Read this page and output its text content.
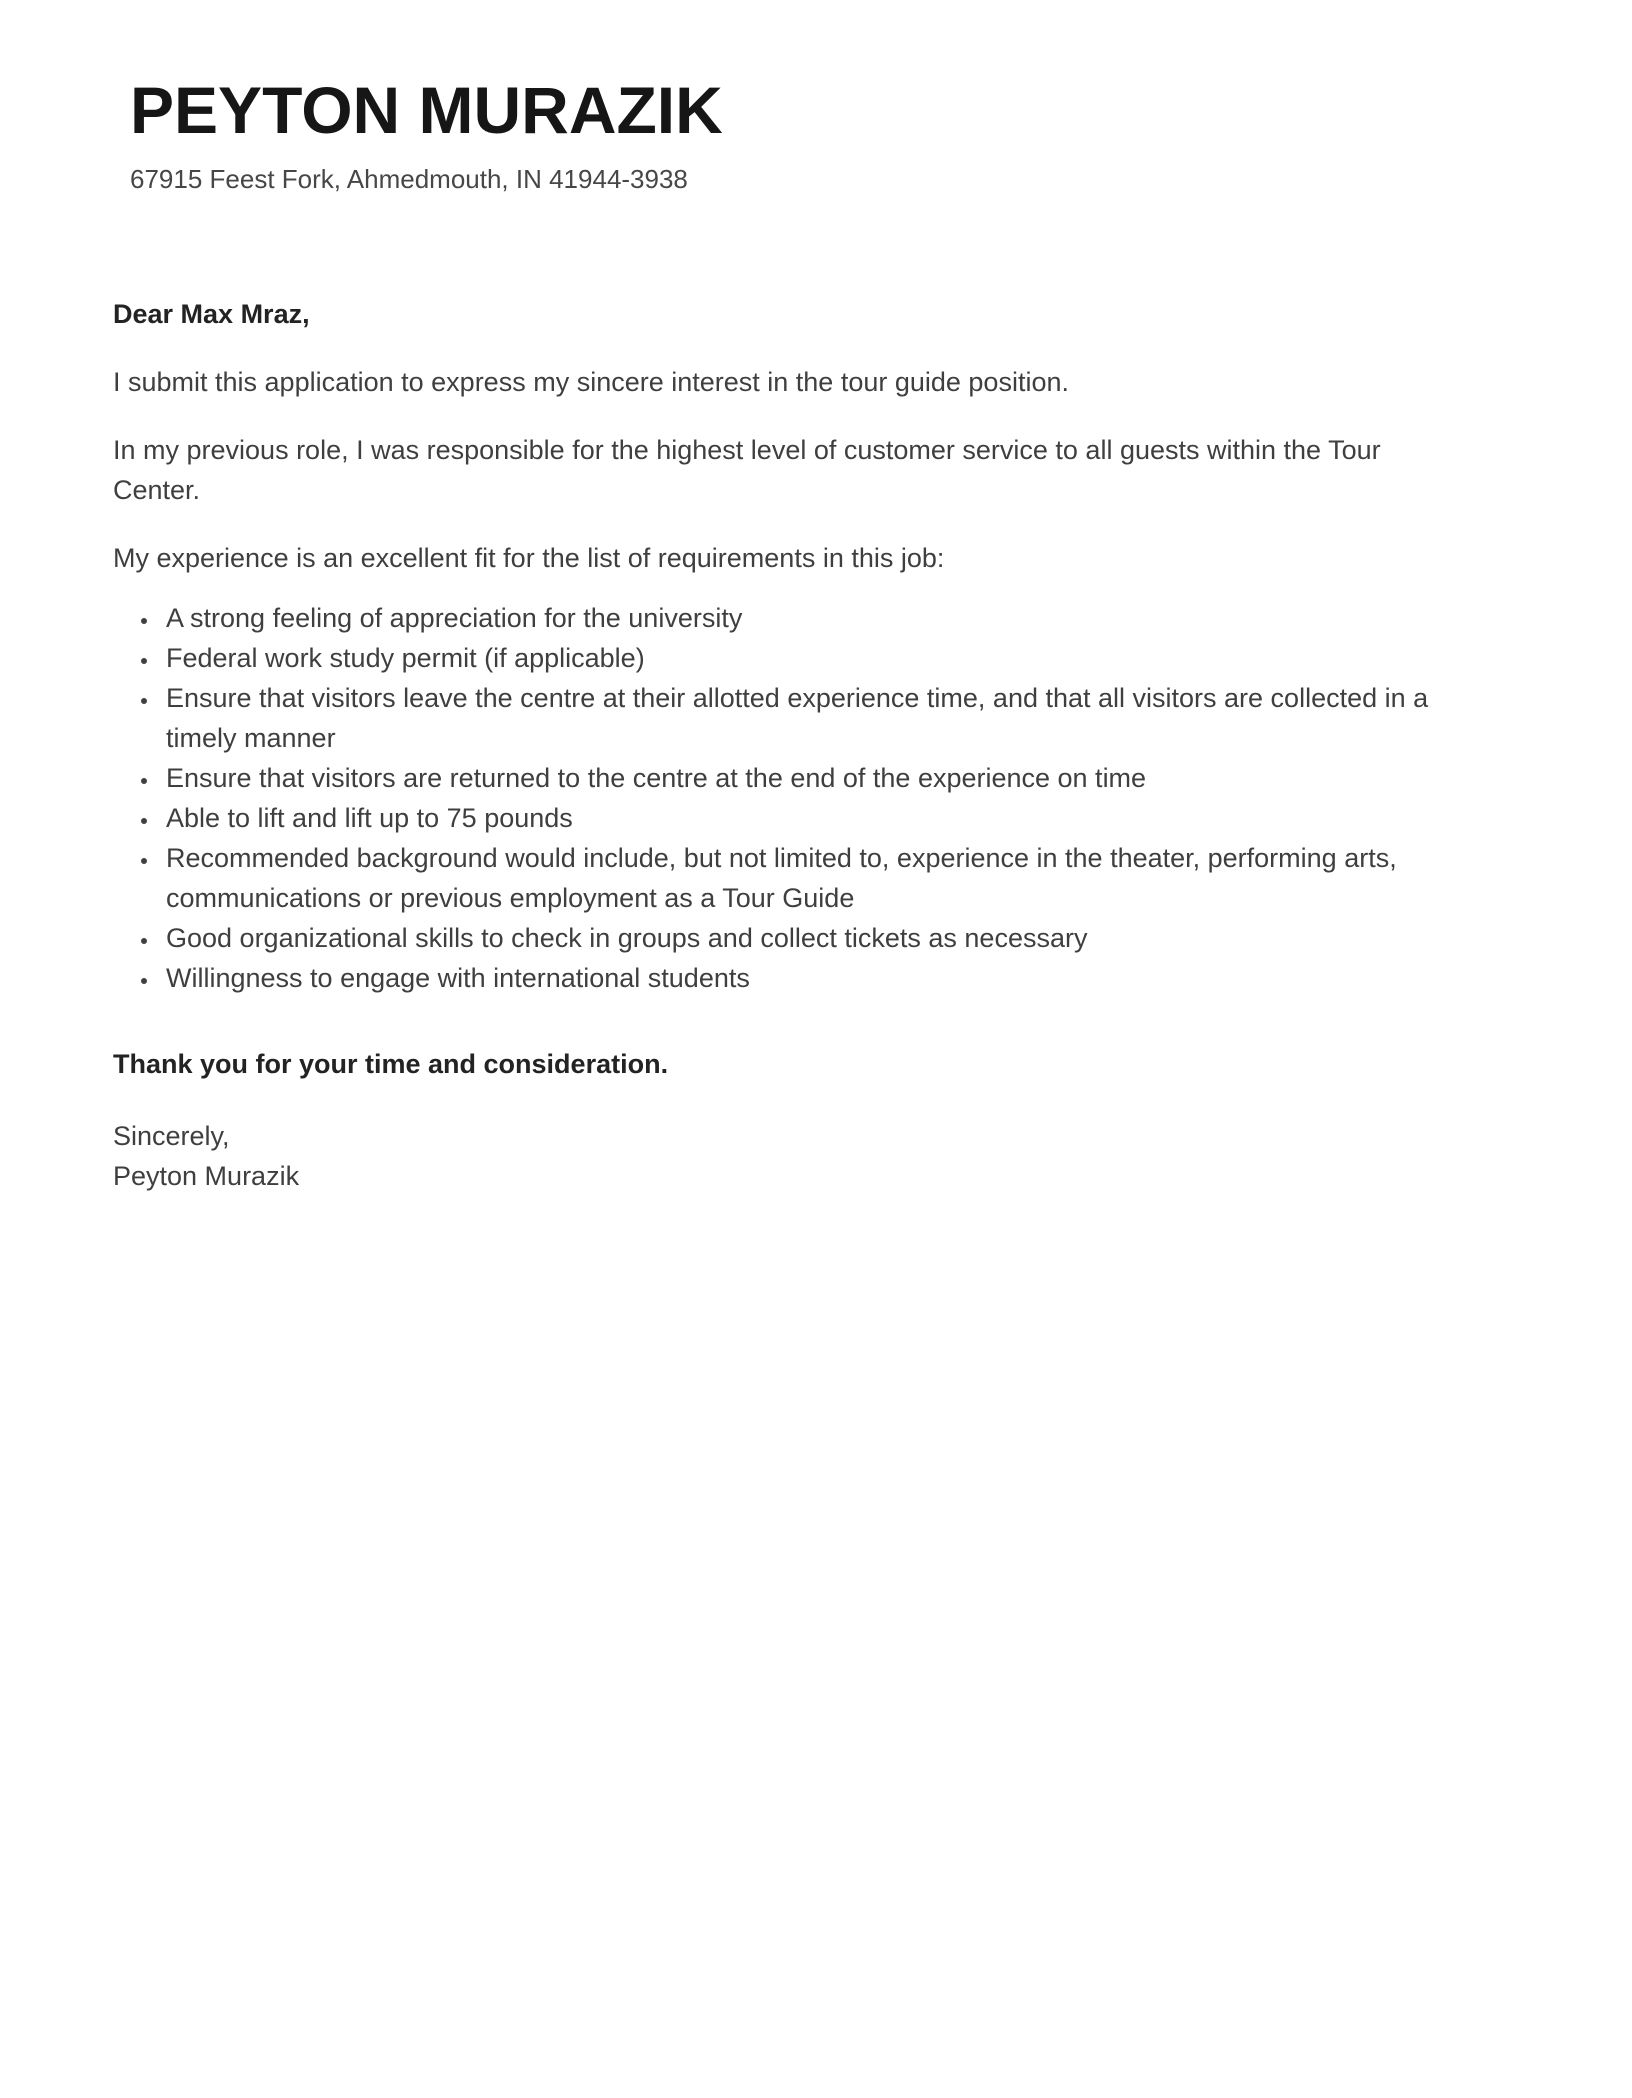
PEYTON MURAZIK
67915 Feest Fork, Ahmedmouth, IN 41944-3938

Dear Max Mraz,

I submit this application to express my sincere interest in the tour guide position.

In my previous role, I was responsible for the highest level of customer service to all guests within the Tour Center.

My experience is an excellent fit for the list of requirements in this job:

• A strong feeling of appreciation for the university
• Federal work study permit (if applicable)
• Ensure that visitors leave the centre at their allotted experience time, and that all visitors are collected in a timely manner
• Ensure that visitors are returned to the centre at the end of the experience on time
• Able to lift and lift up to 75 pounds
• Recommended background would include, but not limited to, experience in the theater, performing arts, communications or previous employment as a Tour Guide
• Good organizational skills to check in groups and collect tickets as necessary
• Willingness to engage with international students

Thank you for your time and consideration.

Sincerely,
Peyton Murazik
